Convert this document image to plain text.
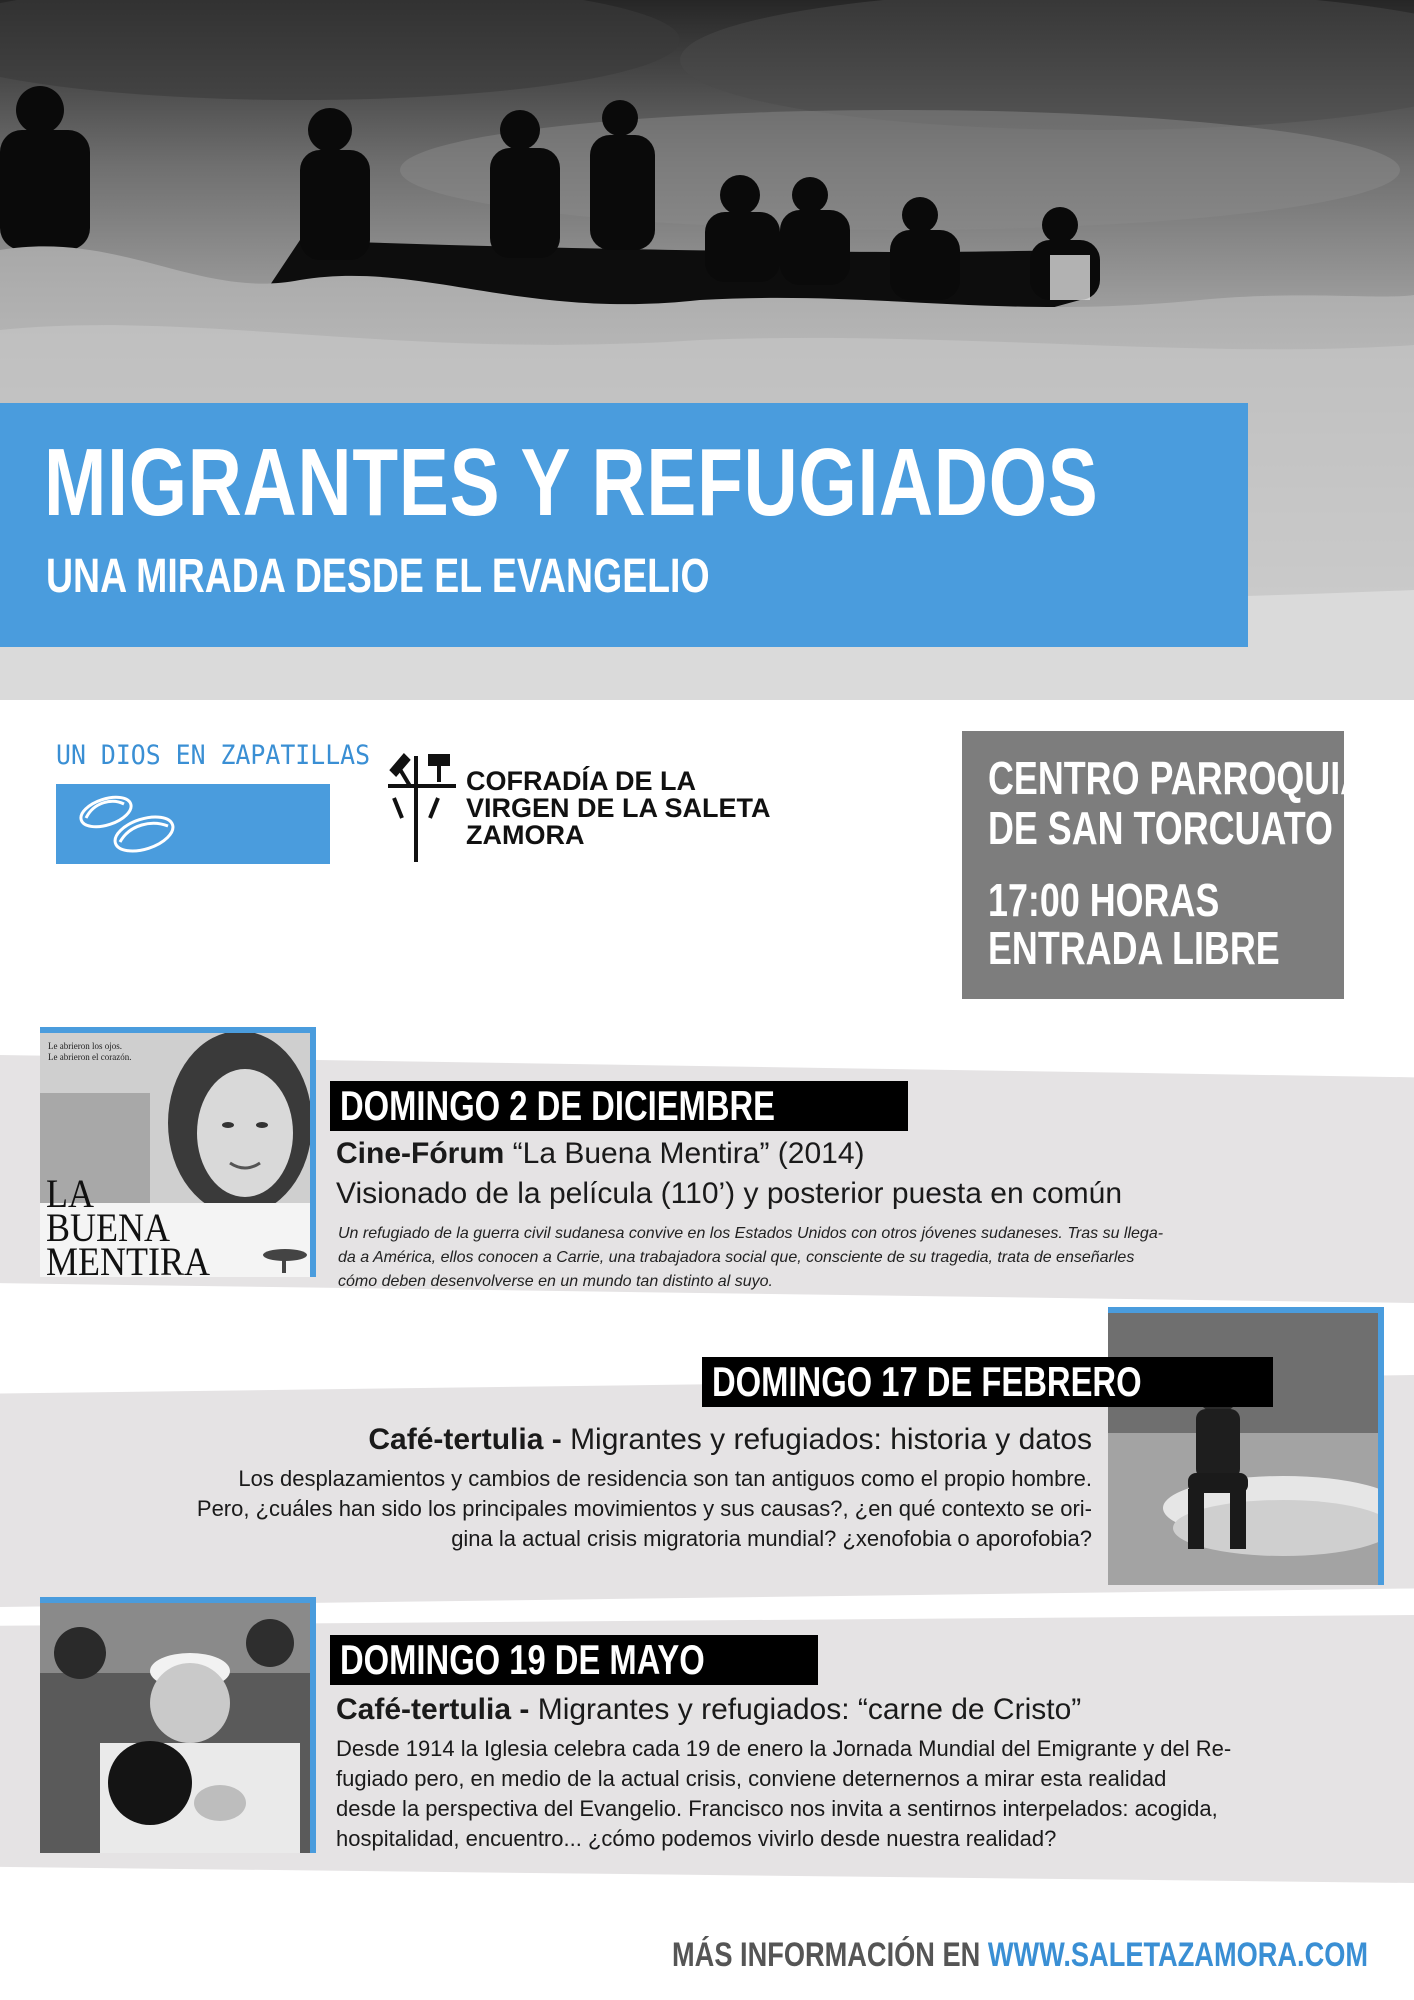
MIGRANTES Y REFUGIADOS
UNA MIRADA DESDE EL EVANGELIO
UN DIOS EN ZAPATILLAS
COFRADÍA DE LA
VIRGEN DE LA SALETA
ZAMORA
CENTRO PARROQUIAL
DE SAN TORCUATO
17:00 HORAS
ENTRADA LIBRE
Le abrieron los ojos.
Le abrieron el corazón.
LA
BUENA
MENTIRA
DOMINGO 2 DE DICIEMBRE
Cine-Fórum “La Buena Mentira” (2014)
Visionado de la película (110’) y posterior puesta en común
Un refugiado de la guerra civil sudanesa convive en los Estados Unidos con otros jóvenes sudaneses. Tras su llega-
da a América, ellos conocen a Carrie, una trabajadora social que, consciente de su tragedia, trata de enseñarles
cómo deben desenvolverse en un mundo tan distinto al suyo.
DOMINGO 17 DE FEBRERO
Café-tertulia - Migrantes y refugiados: historia y datos
Los desplazamientos y cambios de residencia son tan antiguos como el propio hombre.
Pero, ¿cuáles han sido los principales movimientos y sus causas?, ¿en qué contexto se ori-
gina la actual crisis migratoria mundial? ¿xenofobia o aporofobia?
DOMINGO 19 DE MAYO
Café-tertulia - Migrantes y refugiados: “carne de Cristo”
Desde 1914 la Iglesia celebra cada 19 de enero la Jornada Mundial del Emigrante y del Re-
fugiado pero, en medio de la actual crisis, conviene deternernos a mirar esta realidad
desde la perspectiva del Evangelio. Francisco nos invita a sentirnos interpelados: acogida,
hospitalidad, encuentro... ¿cómo podemos vivirlo desde nuestra realidad?
MÁS INFORMACIÓN EN WWW.SALETAZAMORA.COM
